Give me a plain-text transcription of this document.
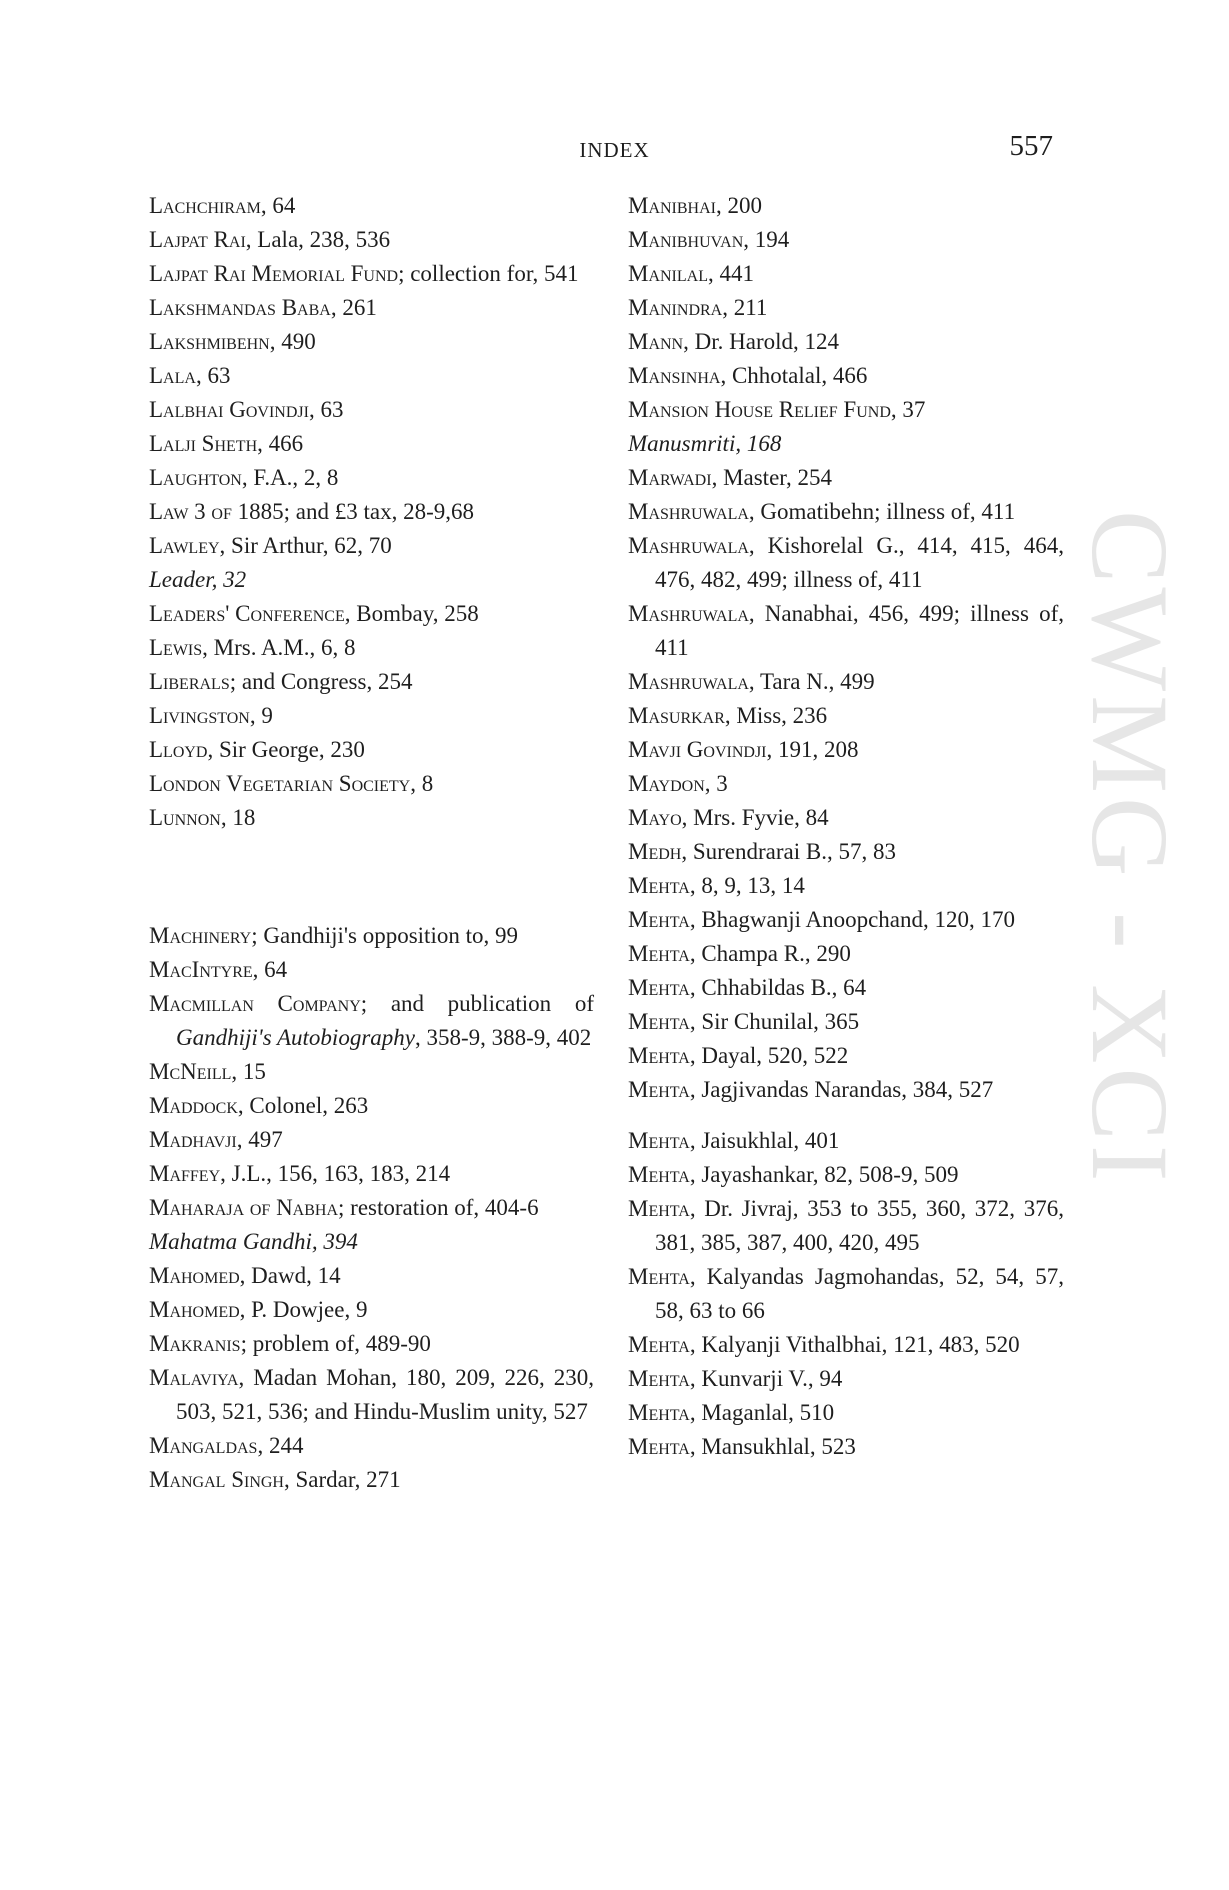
INDEX	557
CWMG - XCI
Lachchiram, 64
Lajpat Rai, Lala, 238, 536
Lajpat Rai Memorial Fund; collection for, 541
Lakshmandas Baba, 261
Lakshmibehn, 490
Lala, 63
Lalbhai Govindji, 63
Lalji Sheth, 466
Laughton, F.A., 2, 8
Law 3 of 1885; and £3 tax, 28-9,68
Lawley, Sir Arthur, 62, 70
Leader, 32
Leaders' Conference, Bombay, 258
Lewis, Mrs. A.M., 6, 8
Liberals; and Congress, 254
Livingston, 9
Lloyd, Sir George, 230
London Vegetarian Society, 8
Lunnon, 18
Machinery; Gandhiji's opposition to, 99
MacIntyre, 64
Macmillan Company; and publication of Gandhiji's Autobiography, 358-9, 388-9, 402
McNeill, 15
Maddock, Colonel, 263
Madhavji, 497
Maffey, J.L., 156, 163, 183, 214
Maharaja of Nabha; restoration of, 404-6
Mahatma Gandhi, 394
Mahomed, Dawd, 14
Mahomed, P. Dowjee, 9
Makranis; problem of, 489-90
Malaviya, Madan Mohan, 180, 209, 226, 230, 503, 521, 536; and Hindu-Muslim unity, 527
Mangaldas, 244
Mangal Singh, Sardar, 271
Manibhai, 200
Manibhuvan, 194
Manilal, 441
Manindra, 211
Mann, Dr. Harold, 124
Mansinha, Chhotalal, 466
Mansion House Relief Fund, 37
Manusmriti, 168
Marwadi, Master, 254
Mashruwala, Gomatibehn; illness of, 411
Mashruwala, Kishorelal G., 414, 415, 464, 476, 482, 499; illness of, 411
Mashruwala, Nanabhai, 456, 499; illness of, 411
Mashruwala, Tara N., 499
Masurkar, Miss, 236
Mavji Govindji, 191, 208
Maydon, 3
Mayo, Mrs. Fyvie, 84
Medh, Surendrarai B., 57, 83
Mehta, 8, 9, 13, 14
Mehta, Bhagwanji Anoopchand, 120, 170
Mehta, Champa R., 290
Mehta, Chhabildas B., 64
Mehta, Sir Chunilal, 365
Mehta, Dayal, 520, 522
Mehta, Jagjivandas Narandas, 384, 527
Mehta, Jaisukhlal, 401
Mehta, Jayashankar, 82, 508-9, 509
Mehta, Dr. Jivraj, 353 to 355, 360, 372, 376, 381, 385, 387, 400, 420, 495
Mehta, Kalyandas Jagmohandas, 52, 54, 57, 58, 63 to 66
Mehta, Kalyanji Vithalbhai, 121, 483, 520
Mehta, Kunvarji V., 94
Mehta, Maganlal, 510
Mehta, Mansukhlal, 523
